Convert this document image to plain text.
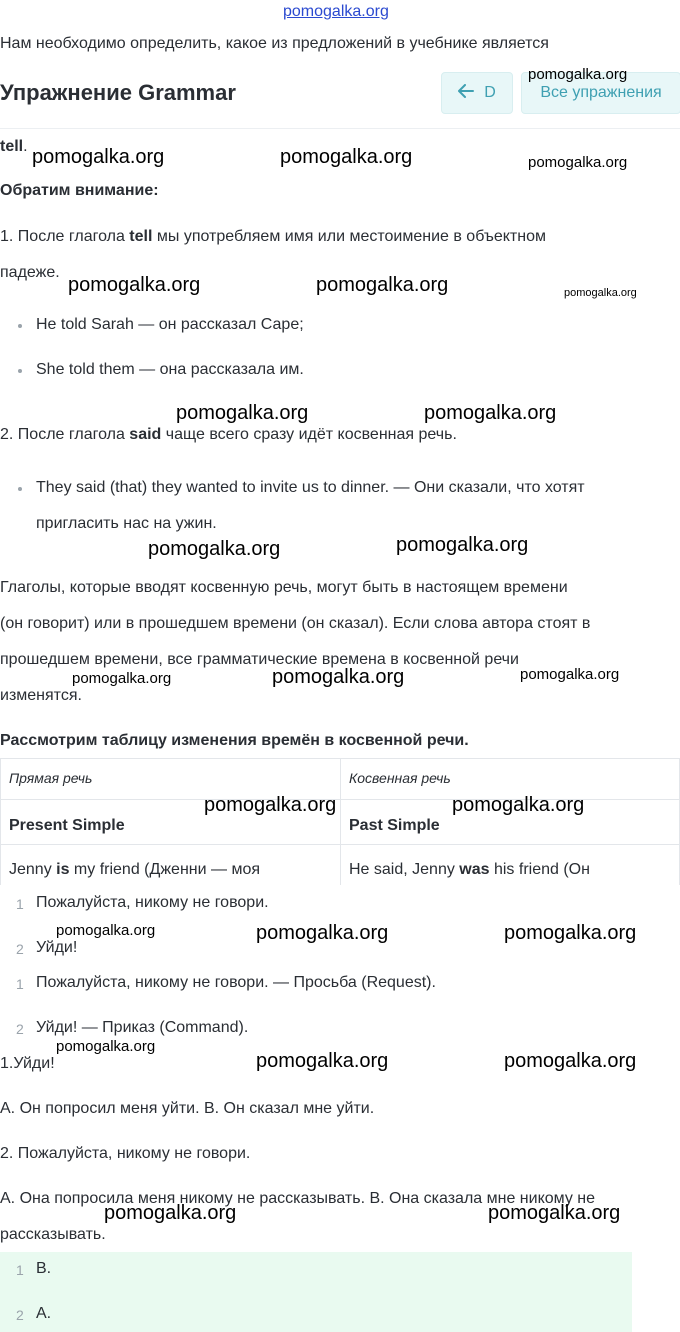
pomogalka.org
Нам необходимо определить, какое из предложений в учебнике является
Упражнение Grammar	D	Все упражнения
tell.
Обратим внимание:
1. После глагола tell мы употребляем имя или местоимение в объектном
падеже.
He told Sarah — он рассказал Саре;
She told them — она рассказала им.
2. После глагола said чаще всего сразу идёт косвенная речь.
They said (that) they wanted to invite us to dinner. — Они сказали, что хотят
пригласить нас на ужин.
Глаголы, которые вводят косвенную речь, могут быть в настоящем времени
(он говорит) или в прошедшем времени (он сказал). Если слова автора стоят в
прошедшем времени, все грамматические времена в косвенной речи
изменятся.
Рассмотрим таблицу изменения времён в косвенной речи.
Прямая речь	Косвенная речь
Present Simple	Past Simple
Jenny is my friend (Дженни — моя	He said, Jenny was his friend (Он
1 Пожалуйста, никому не говори.
2 Уйди!
1 Пожалуйста, никому не говори. — Просьба (Request).
2 Уйди! — Приказ (Command).
1.Уйди!
A. Он попросил меня уйти. B. Он сказал мне уйти.
2. Пожалуйста, никому не говори.
A. Она попросила меня никому не рассказывать. B. Она сказала мне никому не
рассказывать.
1 B.
2 A.
pomogalka.org
pomogalka.org	pomogalka.org	pomogalka.org
pomogalka.org	pomogalka.org	pomogalka.org
pomogalka.org	pomogalka.org
pomogalka.org	pomogalka.org
pomogalka.org	pomogalka.org	pomogalka.org
pomogalka.org	pomogalka.org
pomogalka.org	pomogalka.org	pomogalka.org
pomogalka.org
pomogalka.org	pomogalka.org
pomogalka.org	pomogalka.org
